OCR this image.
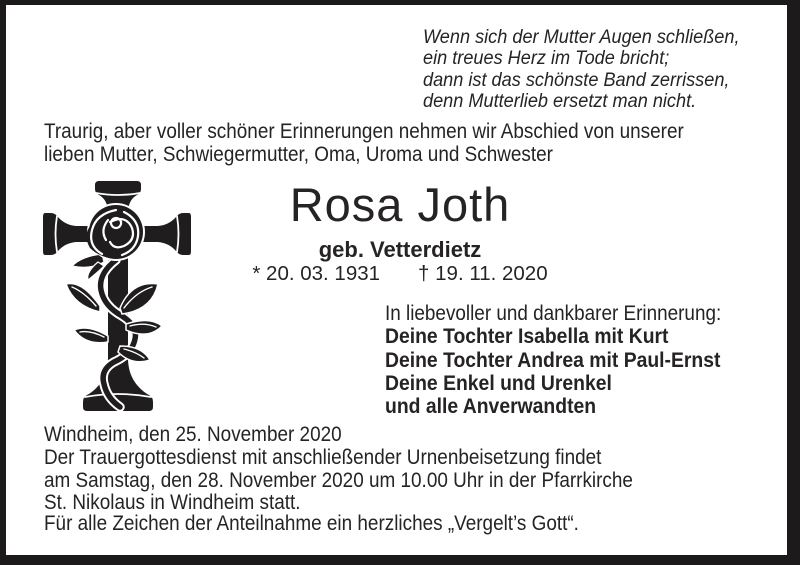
Wenn sich der Mutter Augen schließen,
ein treues Herz im Tode bricht;
dann ist das schönste Band zerrissen,
denn Mutterlieb ersetzt man nicht.
Traurig, aber voller schöner Erinnerungen nehmen wir Abschied von unserer
lieben Mutter, Schwiegermutter, Oma, Uroma und Schwester
Rosa Joth
geb. Vetterdietz
* 20. 03. 1931 † 19. 11. 2020
In liebevoller und dankbarer Erinnerung:
Deine Tochter Isabella mit Kurt
Deine Tochter Andrea mit Paul-Ernst
Deine Enkel und Urenkel
und alle Anverwandten
Windheim, den 25. November 2020
Der Trauergottesdienst mit anschließender Urnenbeisetzung findet
am Samstag, den 28. November 2020 um 10.00 Uhr in der Pfarrkirche
St. Nikolaus in Windheim statt.
Für alle Zeichen der Anteilnahme ein herzliches „Vergelt’s Gott“.
